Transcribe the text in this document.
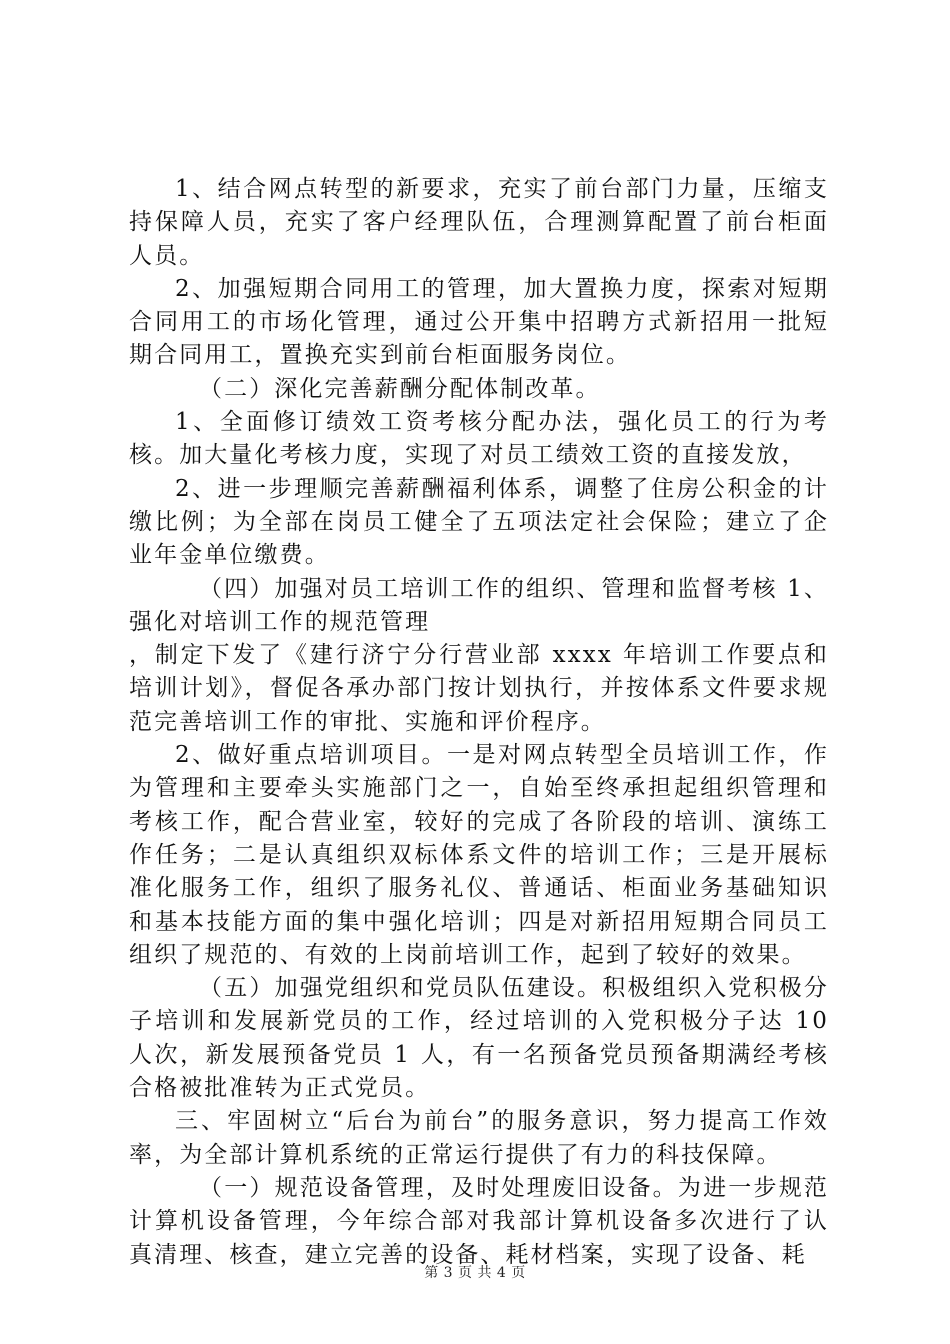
1、结合网点转型的新要求，充实了前台部门力量，压缩支持保障人员，充实了客户经理队伍，合理测算配置了前台柜面人员。

2、加强短期合同用工的管理，加大置换力度，探索对短期合同用工的市场化管理，通过公开集中招聘方式新招用一批短期合同用工，置换充实到前台柜面服务岗位。

（二）深化完善薪酬分配体制改革。

1、全面修订绩效工资考核分配办法，强化员工的行为考核。加大量化考核力度，实现了对员工绩效工资的直接发放，

2、进一步理顺完善薪酬福利体系，调整了住房公积金的计缴比例；为全部在岗员工健全了五项法定社会保险；建立了企业年金单位缴费。

（四）加强对员工培训工作的组织、管理和监督考核 1、强化对培训工作的规范管理

，制定下发了《建行济宁分行营业部 xxxx 年培训工作要点和培训计划》，督促各承办部门按计划执行，并按体系文件要求规范完善培训工作的审批、实施和评价程序。

2、做好重点培训项目。一是对网点转型全员培训工作，作为管理和主要牵头实施部门之一，自始至终承担起组织管理和考核工作，配合营业室，较好的完成了各阶段的培训、演练工作任务；二是认真组织双标体系文件的培训工作；三是开展标准化服务工作，组织了服务礼仪、普通话、柜面业务基础知识和基本技能方面的集中强化培训；四是对新招用短期合同员工组织了规范的、有效的上岗前培训工作，起到了较好的效果。

（五）加强党组织和党员队伍建设。积极组织入党积极分子培训和发展新党员的工作，经过培训的入党积极分子达 10 人次，新发展预备党员 1 人，有一名预备党员预备期满经考核合格被批准转为正式党员。

三、牢固树立“后台为前台”的服务意识，努力提高工作效率，为全部计算机系统的正常运行提供了有力的科技保障。

（一）规范设备管理，及时处理废旧设备。为进一步规范计算机设备管理，今年综合部对我部计算机设备多次进行了认真清理、核查，建立完善的设备、耗材档案，实现了设备、耗

第 3 页 共 4 页
